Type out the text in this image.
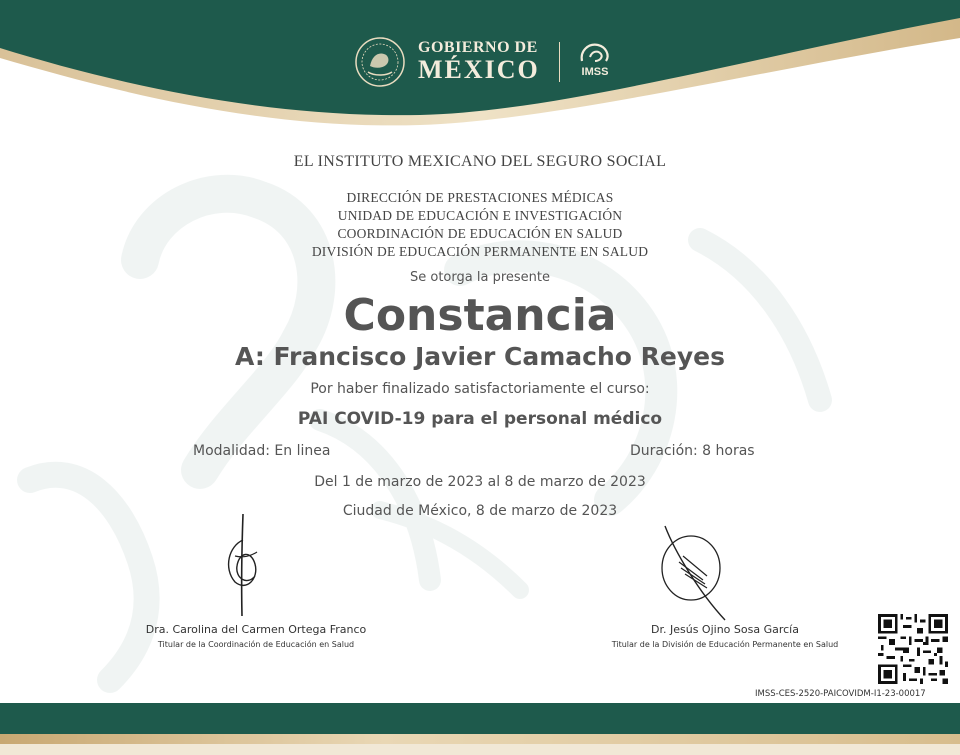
GOBIERNO DE
MÉXICO	IMSS
EL INSTITUTO MEXICANO DEL SEGURO SOCIAL
DIRECCIÓN DE PRESTACIONES MÉDICAS
UNIDAD DE EDUCACIÓN E INVESTIGACIÓN
COORDINACIÓN DE EDUCACIÓN EN SALUD
DIVISIÓN DE EDUCACIÓN PERMANENTE EN SALUD
Se otorga la presente
Constancia
A: Francisco Javier Camacho Reyes
Por haber finalizado satisfactoriamente el curso:
PAI COVID-19 para el personal médico
Modalidad: En linea	Duración: 8 horas
Del 1 de marzo de 2023 al 8 de marzo de 2023
Ciudad de México, 8 de marzo de 2023
Dra. Carolina del Carmen Ortega Franco
Titular de la Coordinación de Educación en Salud
Dr. Jesús Ojino Sosa García
Titular de la División de Educación Permanente en Salud
IMSS-CES-2520-PAICOVIDM-I1-23-00017
